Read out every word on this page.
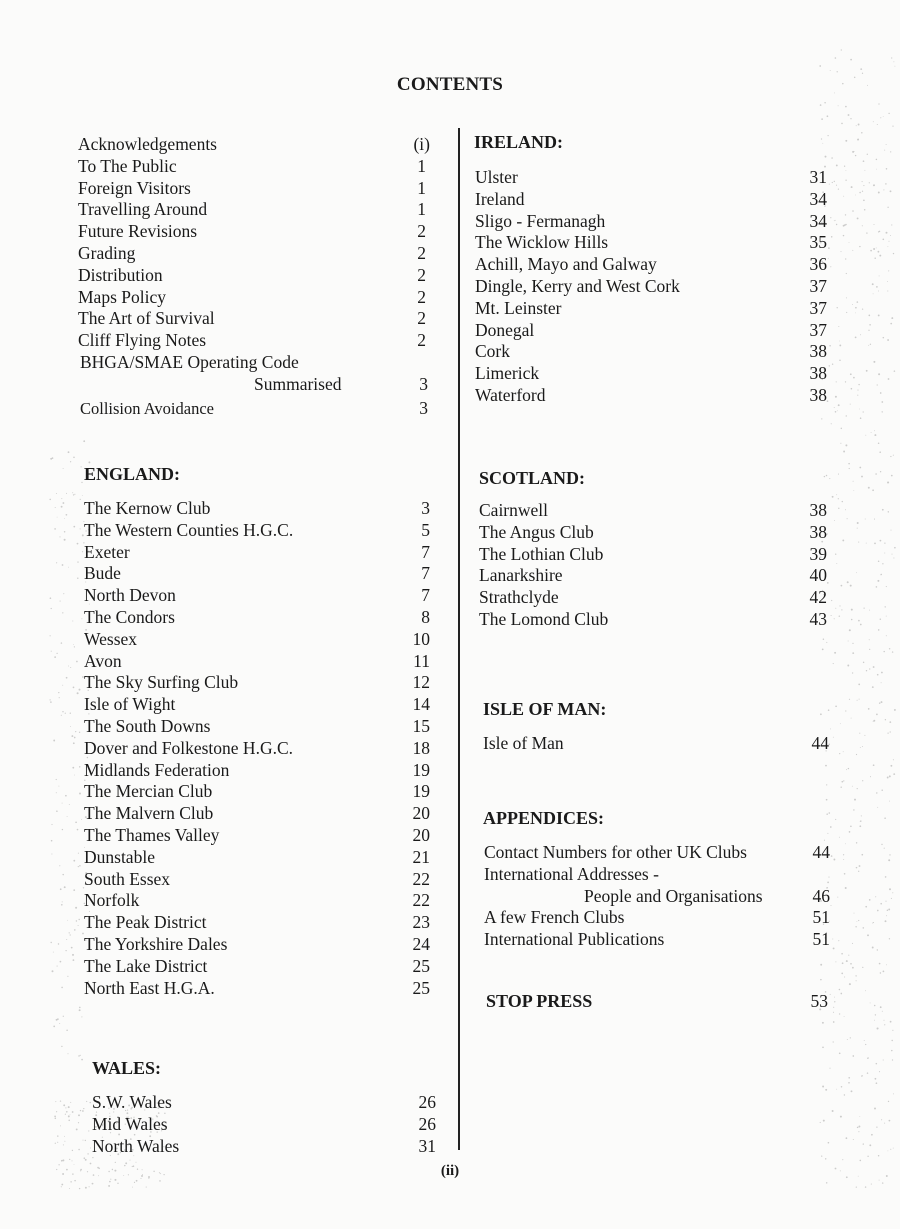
CONTENTS
Acknowledgements	(i)
To The Public	1
Foreign Visitors	1
Travelling Around	1
Future Revisions	2
Grading	2
Distribution	2
Maps Policy	2
The Art of Survival	2
Cliff Flying Notes	2
BHGA/SMAE Operating Code
Summarised	3
Collision Avoidance	3
ENGLAND:
The Kernow Club	3
The Western Counties H.G.C.	5
Exeter	7
Bude	7
North Devon	7
The Condors	8
Wessex	10
Avon	11
The Sky Surfing Club	12
Isle of Wight	14
The South Downs	15
Dover and Folkestone H.G.C.	18
Midlands Federation	19
The Mercian Club	19
The Malvern Club	20
The Thames Valley	20
Dunstable	21
South Essex	22
Norfolk	22
The Peak District	23
The Yorkshire Dales	24
The Lake District	25
North East H.G.A.	25
WALES:
S.W. Wales	26
Mid Wales	26
North Wales	31
IRELAND:
Ulster	31
Ireland	34
Sligo - Fermanagh	34
The Wicklow Hills	35
Achill, Mayo and Galway	36
Dingle, Kerry and West Cork	37
Mt. Leinster	37
Donegal	37
Cork	38
Limerick	38
Waterford	38
SCOTLAND:
Cairnwell	38
The Angus Club	38
The Lothian Club	39
Lanarkshire	40
Strathclyde	42
The Lomond Club	43
ISLE OF MAN:
Isle of Man	44
APPENDICES:
Contact Numbers for other UK Clubs	44
International Addresses -
People and Organisations	46
A few French Clubs	51
International Publications	51
STOP PRESS	53
(ii)
